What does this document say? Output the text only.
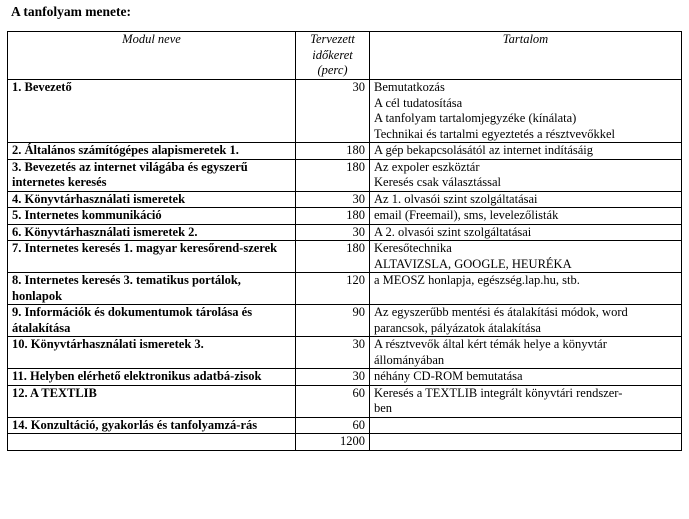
A tanfolyam menete:
Modul neve	Tervezett
időkeret
(perc)	Tartalom
1. Bevezető	30	Bemutatkozás
A cél tudatosítása
A tanfolyam tartalomjegyzéke (kínálata)
Technikai és tartalmi egyeztetés a résztvevőkkel

2. Általános számítógépes alapismeretek 1.	180	A gép bekapcsolásától az internet indításáig

3. Bevezetés az internet világába és egyszerű internetes keresés	180	Az expoler eszköztár
Keresés csak választással

4. Könyvtárhasználati ismeretek	30	Az 1. olvasói szint szolgáltatásai

5. Internetes kommunikáció	180	email (Freemail), sms, levelezőlisták

6. Könyvtárhasználati ismeretek 2.	30	A 2. olvasói szint szolgáltatásai

7. Internetes keresés 1. magyar keresőrend-szerek	180	Keresőtechnika
ALTAVIZSLA, GOOGLE, HEURÉKA

8. Internetes keresés 3. tematikus portálok, honlapok	120	a MEOSZ honlapja, egészség.lap.hu, stb.

9. Információk és dokumentumok tárolása és átalakítása	90	Az egyszerűbb mentési és átalakítási módok, word
parancsok, pályázatok átalakítása

10. Könyvtárhasználati ismeretek 3.	30	A résztvevők által kért témák helye a könyvtár
állományában

11. Helyben elérhető elektronikus adatbá-zisok	30	néhány CD-ROM bemutatása

12. A TEXTLIB	60	Keresés a TEXTLIB integrált könyvtári rendszer-
ben

14. Konzultáció, gyakorlás és tanfolyamzá-rás	60	

	1200	
